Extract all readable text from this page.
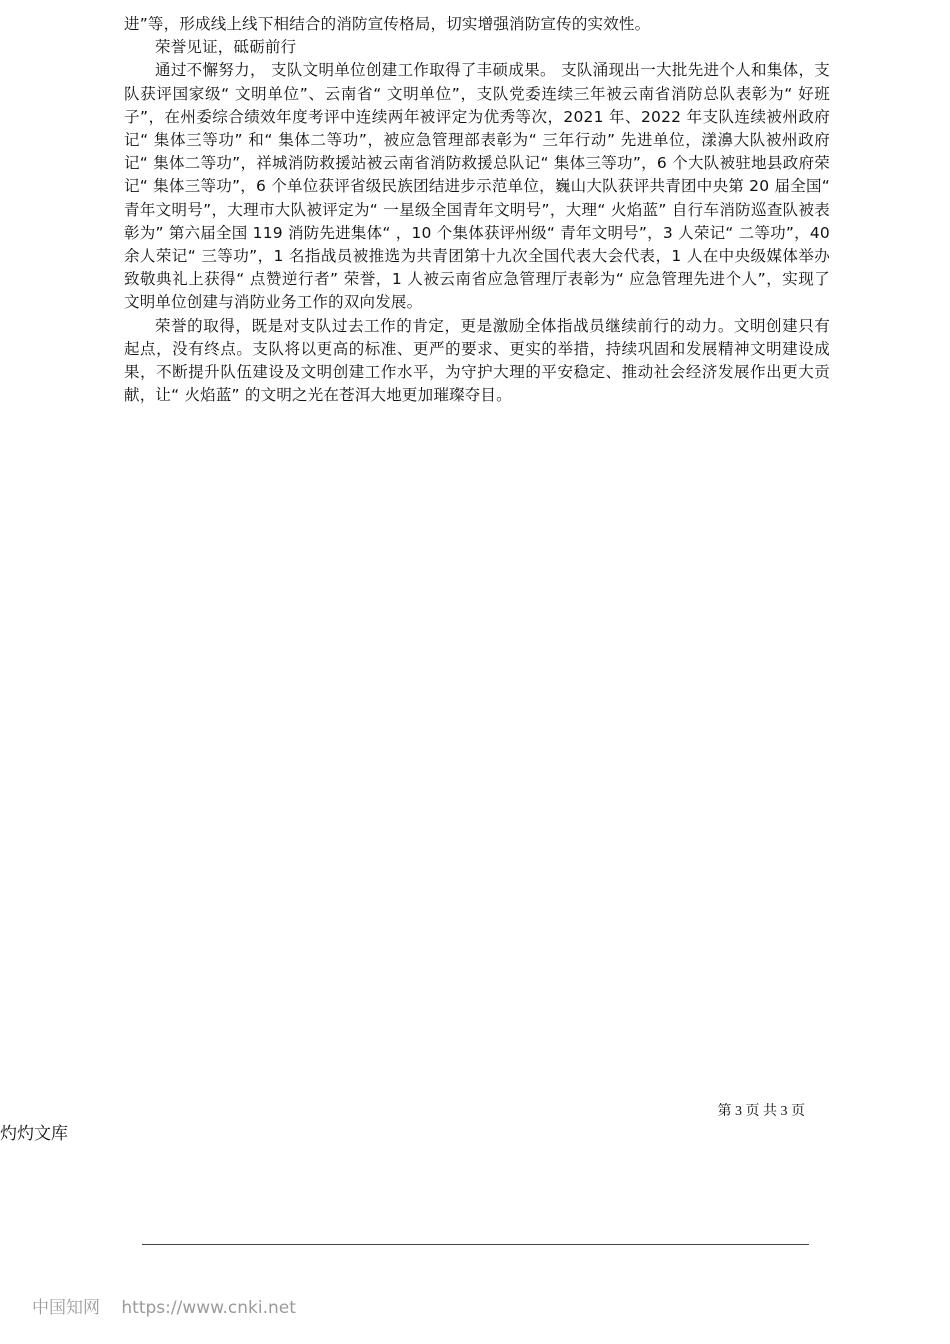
进”等，形成线上线下相结合的消防宣传格局，切实增强消防宣传的实效性。

荣誉见证，砥砺前行

通过不懈努力， 支队文明单位创建工作取得了丰硕成果。 支队涌现出一大批先进个人和集体，支队获评国家级“ 文明单位”、云南省“ 文明单位”，支队党委连续三年被云南省消防总队表彰为“ 好班子”，在州委综合绩效年度考评中连续两年被评定为优秀等次，2021 年、2022 年支队连续被州政府记“ 集体三等功” 和“ 集体二等功”，被应急管理部表彰为“ 三年行动” 先进单位，漾濞大队被州政府记“ 集体二等功”，祥城消防救援站被云南省消防救援总队记“ 集体三等功”，6 个大队被驻地县政府荣记“ 集体三等功”，6 个单位获评省级民族团结进步示范单位，巍山大队获评共青团中央第 20 届全国“ 青年文明号”，大理市大队被评定为“ 一星级全国青年文明号”，大理“ 火焰蓝” 自行车消防巡查队被表彰为” 第六届全国 119 消防先进集体“ ，10 个集体获评州级“ 青年文明号”，3 人荣记“ 二等功”，40 余人荣记“ 三等功”，1 名指战员被推选为共青团第十九次全国代表大会代表，1 人在中央级媒体举办致敬典礼上获得“ 点赞逆行者” 荣誉，1 人被云南省应急管理厅表彰为“ 应急管理先进个人”，实现了文明单位创建与消防业务工作的双向发展。

荣誉的取得，既是对支队过去工作的肯定，更是激励全体指战员继续前行的动力。文明创建只有起点，没有终点。支队将以更高的标准、更严的要求、更实的举措，持续巩固和发展精神文明建设成果，不断提升队伍建设及文明创建工作水平，为守护大理的平安稳定、推动社会经济发展作出更大贡献，让“ 火焰蓝” 的文明之光在苍洱大地更加璀璨夺目。

第 3 页 共 3 页
灼灼文库
中国知网 https://www.cnki.net
